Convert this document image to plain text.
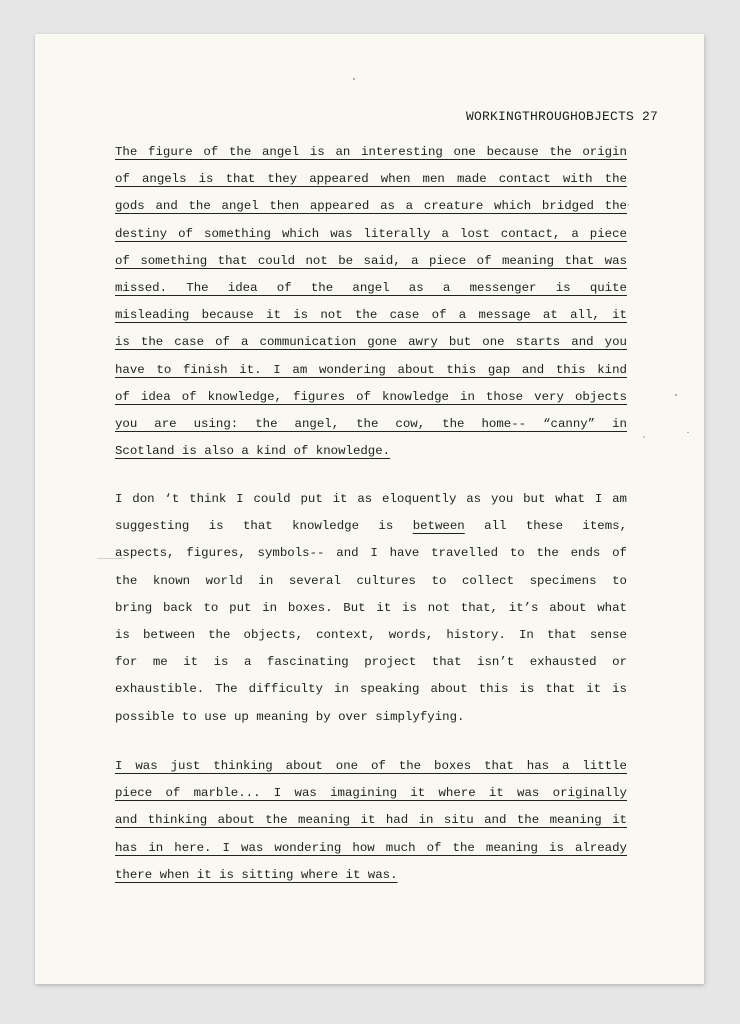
WORKINGTHROUGHOBJECTS 27
The figure of the angel is an interesting one because the origin
of angels is that they appeared when men made contact with the
gods and the angel then appeared as a creature which bridged the
destiny of something which was literally a lost contact, a piece
of something that could not be said, a piece of meaning that was
missed. The idea of the angel as a messenger is quite
misleading because it is not the case of a message at all, it
is the case of a communication gone awry but one starts and you
have to finish it. I am wondering about this gap and this kind
of idea of knowledge, figures of knowledge in those very objects
you are using: the angel, the cow, the home-- “canny” in
Scotland is also a kind of knowledge.
I don ‘t think I could put it as eloquently as you but what I am
suggesting is that knowledge is between all these items,
aspects, figures, symbols-- and I have travelled to the ends of
the known world in several cultures to collect specimens to
bring back to put in boxes. But it is not that, it’s about what
is between the objects, context, words, history. In that sense
for me it is a fascinating project that isn’t exhausted or
exhaustible. The difficulty in speaking about this is that it is
possible to use up meaning by over simplyfying.
I was just thinking about one of the boxes that has a little
piece of marble... I was imagining it where it was originally
and thinking about the meaning it had in situ and the meaning it
has in here. I was wondering how much of the meaning is already
there when it is sitting where it was.
